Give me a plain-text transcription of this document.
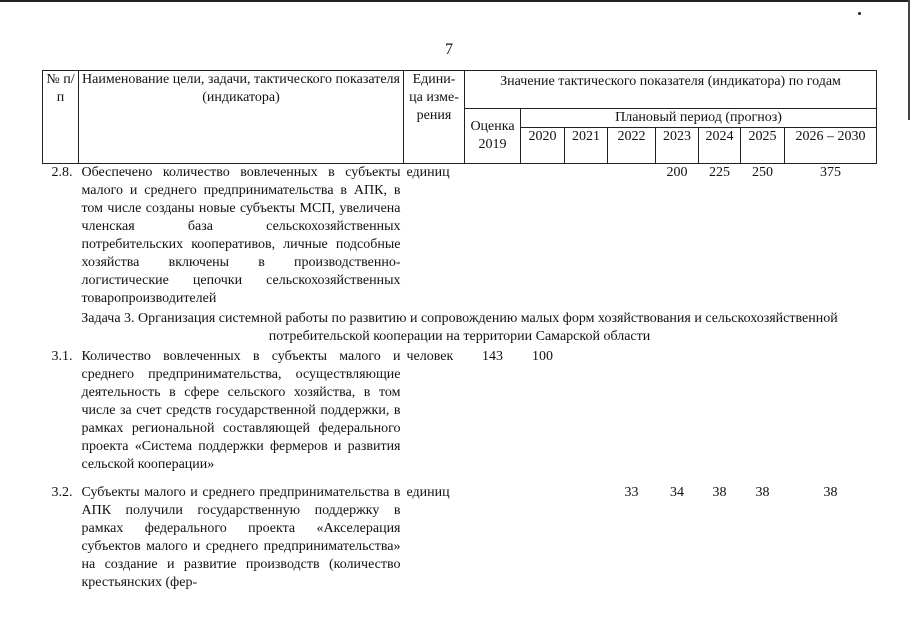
7
№ п/п	Наименование цели, задачи, тактического показателя (индикатора)	Едини-ца изме-рения	Значение тактического показателя (индикатора) по годам							
			Оценка 2019	Плановый период (прогноз)						
				2020	2021	2022	2023	2024	2025	2026 – 2030
2.8.	Обеспечено количество вовлеченных в субъекты малого и среднего предпринимательства в АПК, в том числе созданы новые субъекты МСП, увеличена членская база сельскохозяйственных потребительских кооперативов, личные подсобные хозяйства включены в производственно-логистические цепочки сельскохозяйственных товаропроизводителей	единиц					200	225	250	375
Задача 3. Организация системной работы по развитию и сопровождению малых форм хозяйствования и сельскохозяйственной потребительской кооперации на территории Самарской области										
3.1.	Количество вовлеченных в субъекты малого и среднего предпринимательства, осуществляющие деятельность в сфере сельского хозяйства, в том числе за счет средств государственной поддержки, в рамках региональной составляющей федерального проекта «Система поддержки фермеров и развития сельской кооперации»	человек	143	100						
3.2.	Субъекты малого и среднего предпринимательства в АПК получили государственную поддержку в рамках федерального проекта «Акселерация субъектов малого и среднего предпринимательства» на создание и развитие производств (количество крестьянских (фер-	единиц				33	34	38	38	38
